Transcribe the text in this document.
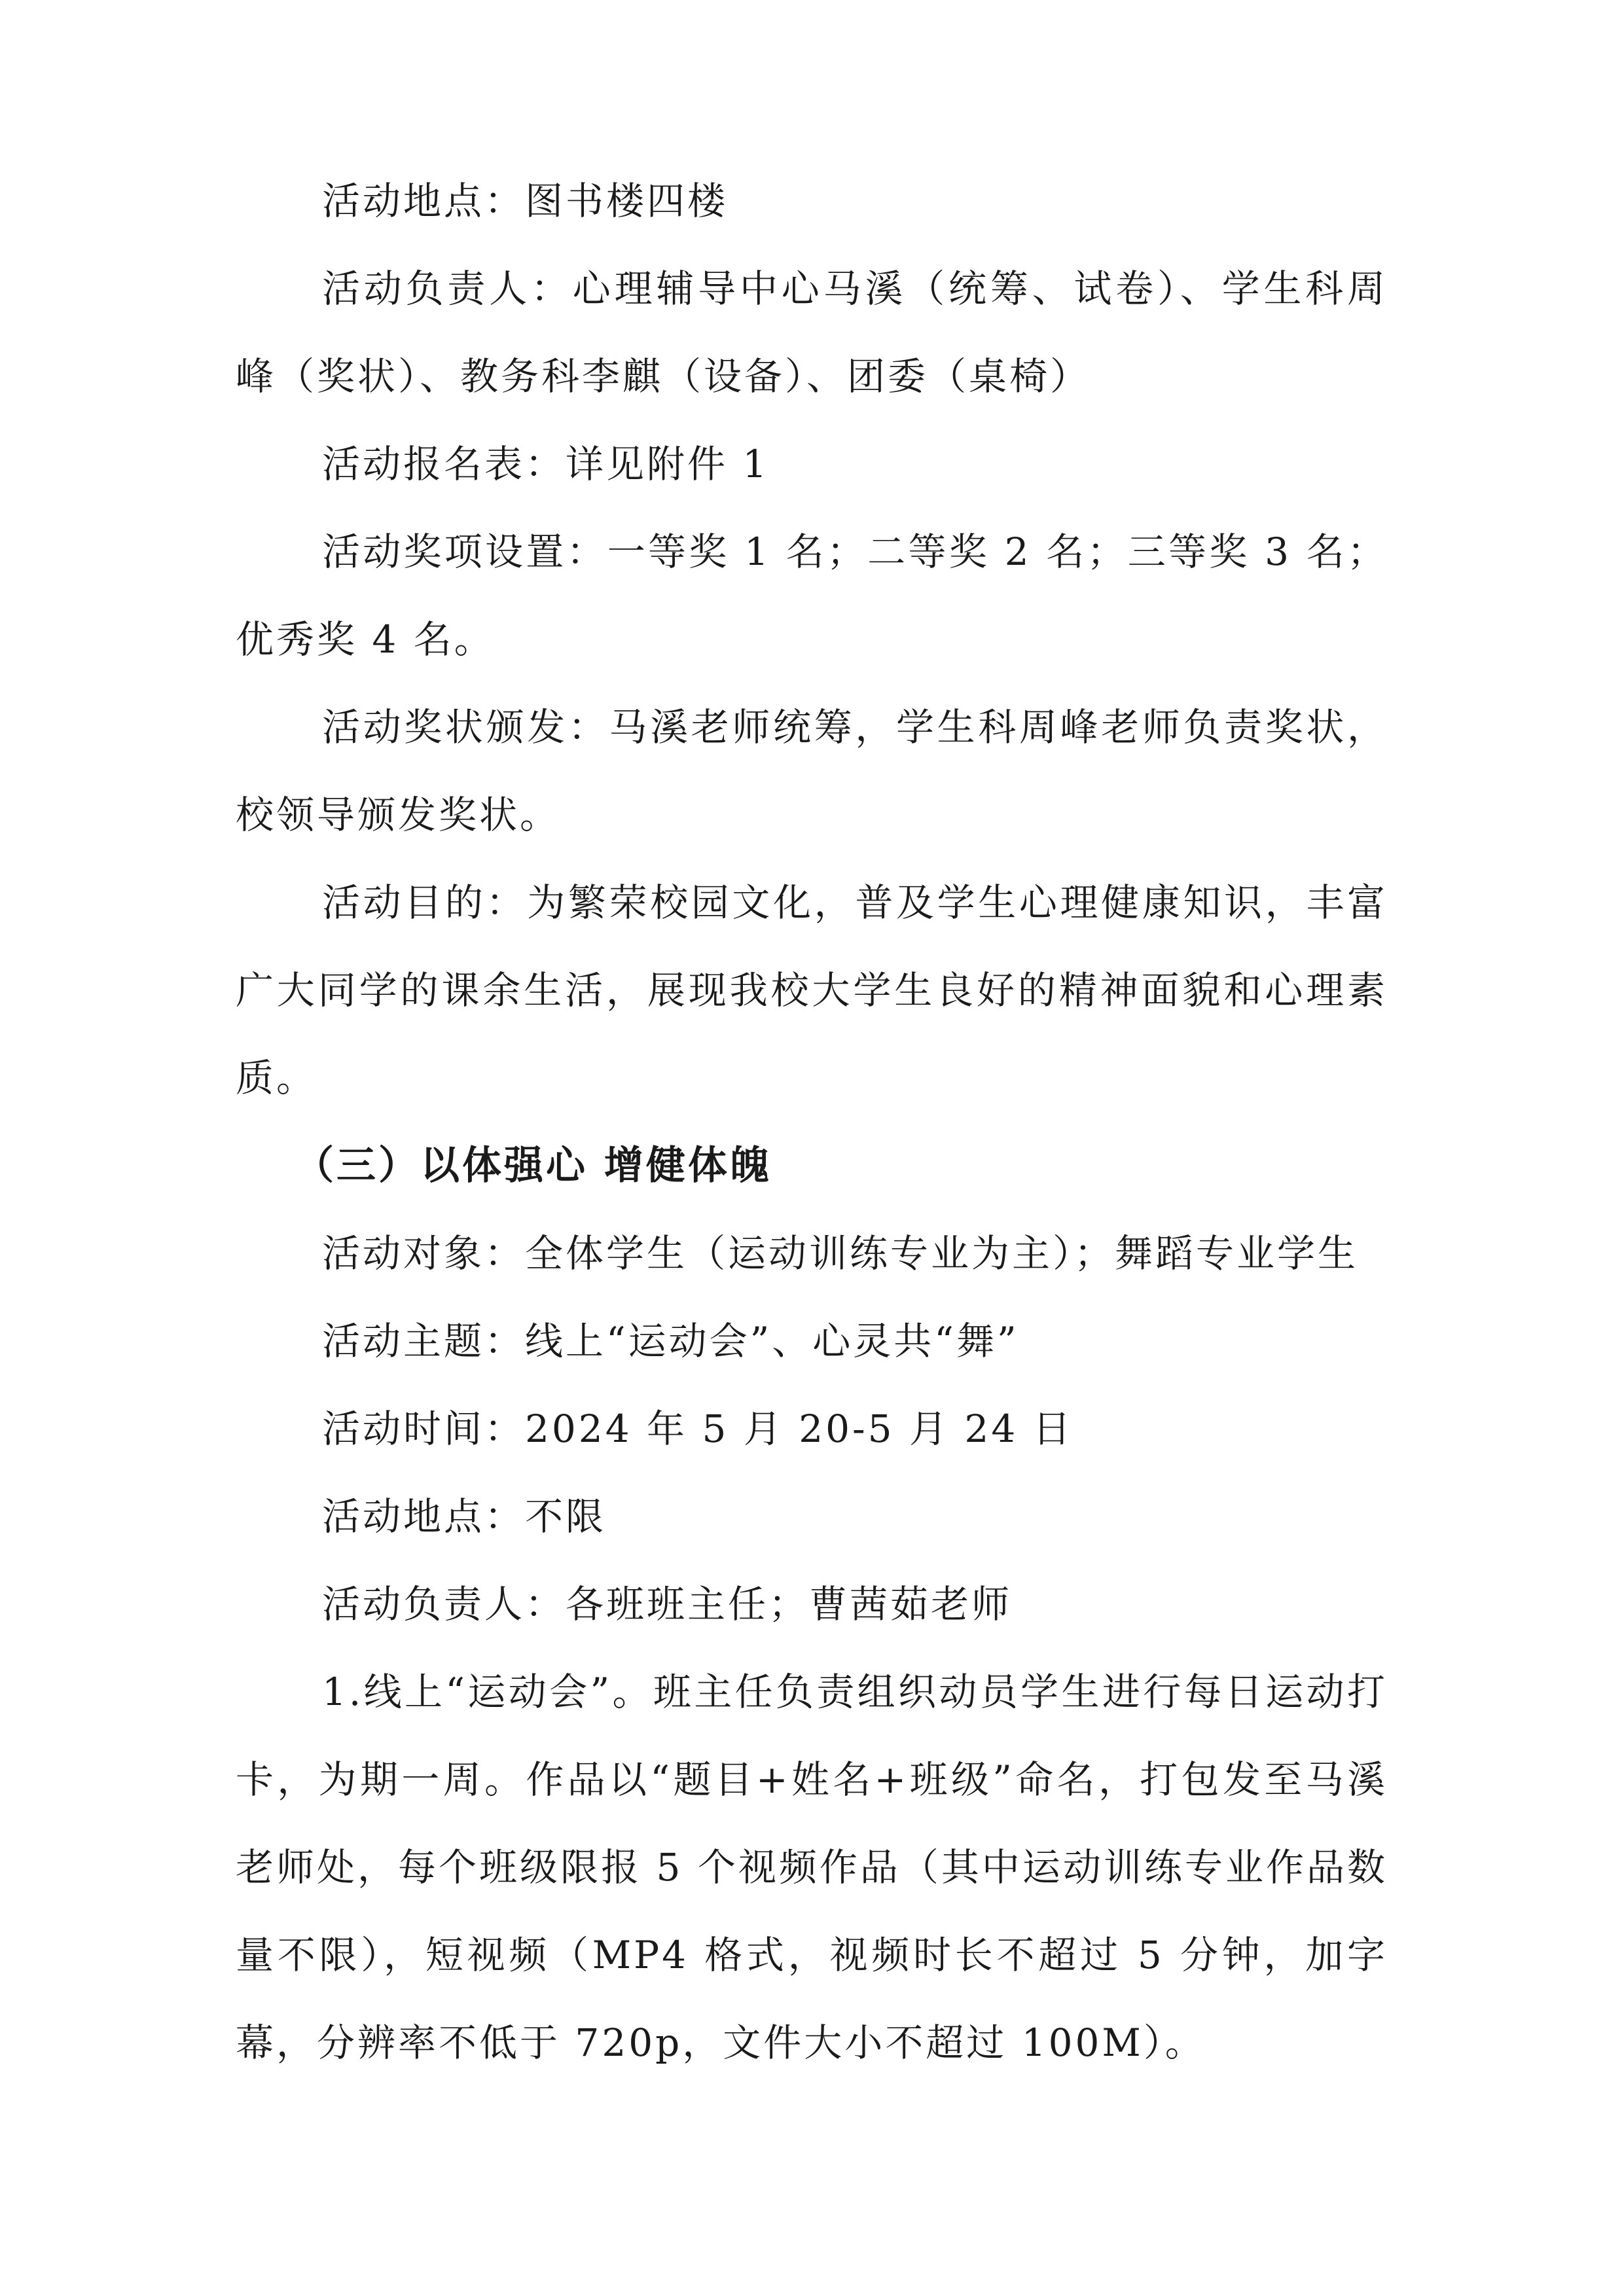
活动地点：图书楼四楼

活动负责人：心理辅导中心马溪（统筹、试卷）、学生科周峰（奖状）、教务科李麒（设备）、团委（桌椅）

活动报名表：详见附件 1

活动奖项设置：一等奖 1 名；二等奖 2 名；三等奖 3 名；优秀奖 4 名。

活动奖状颁发：马溪老师统筹，学生科周峰老师负责奖状，校领导颁发奖状。

活动目的：为繁荣校园文化，普及学生心理健康知识，丰富广大同学的课余生活，展现我校大学生良好的精神面貌和心理素质。

（三）以体强心 增健体魄

活动对象：全体学生（运动训练专业为主）；舞蹈专业学生

活动主题：线上“运动会”、心灵共“舞”

活动时间：2024 年 5 月 20-5 月 24 日

活动地点：不限

活动负责人：各班班主任；曹茜茹老师

1.线上“运动会”。班主任负责组织动员学生进行每日运动打卡，为期一周。作品以“题目+姓名+班级”命名，打包发至马溪老师处，每个班级限报 5 个视频作品（其中运动训练专业作品数量不限），短视频（MP4 格式，视频时长不超过 5 分钟，加字幕，分辨率不低于 720p，文件大小不超过 100M）。
